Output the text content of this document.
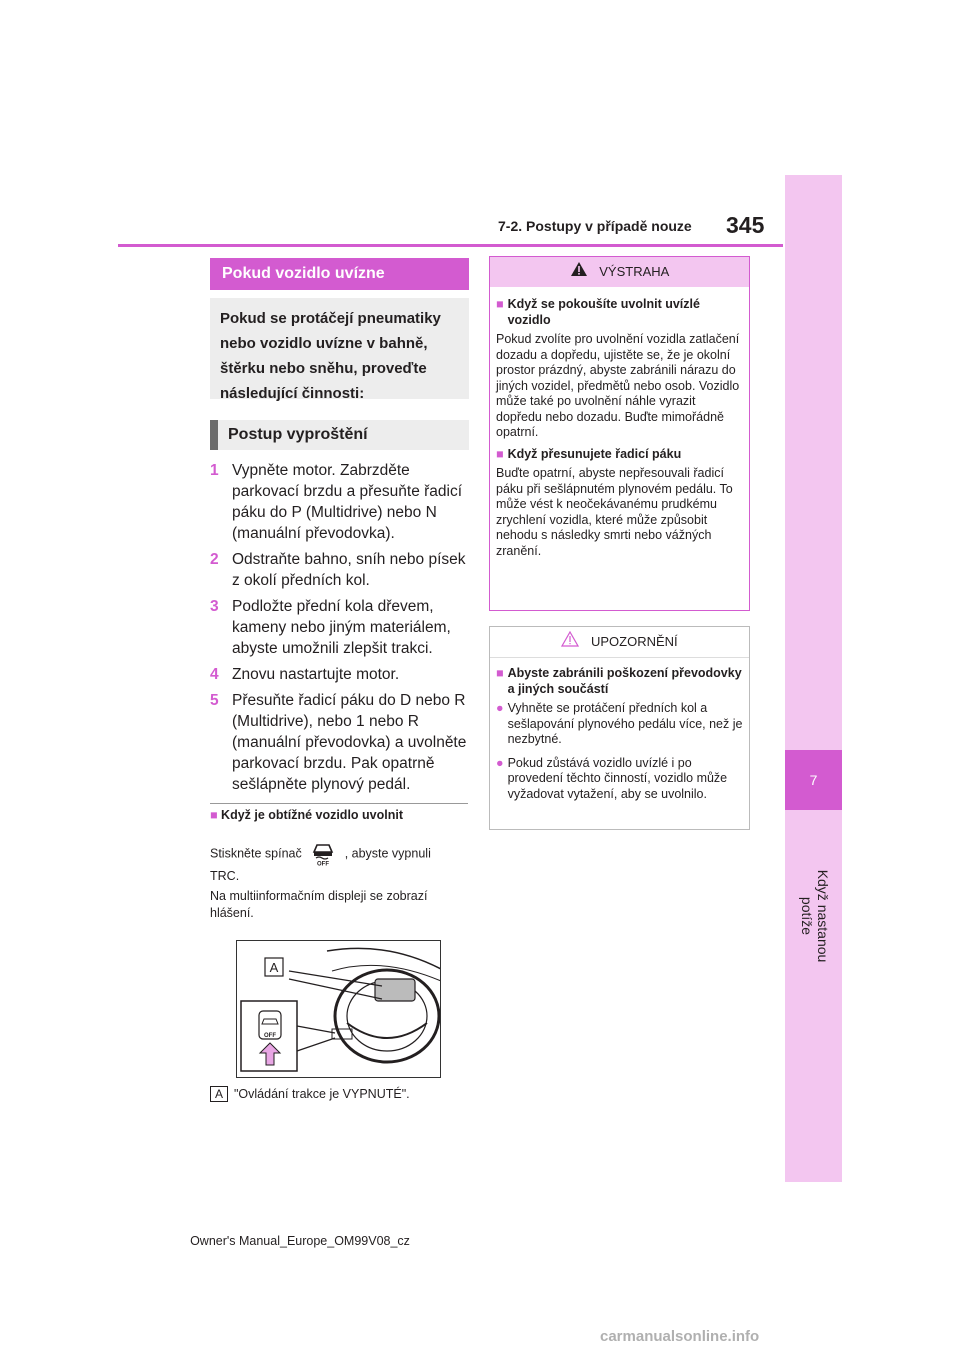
7-2. Postupy v případě nouze 345
7
Když nastanou potíže
Pokud vozidlo uvízne

Pokud se protáčejí pneumatiky nebo vozidlo uvízne v bahně, štěrku nebo sněhu, proveďte následující činnosti:

Postup vyproštění
1 Vypněte motor. Zabrzděte parkovací brzdu a přesuňte řadicí páku do P (Multidrive) nebo N (manuální převodovka).
2 Odstraňte bahno, sníh nebo písek z okolí předních kol.
3 Podložte přední kola dřevem, kameny nebo jiným materiálem, abyste umožnili zlepšit trakci.
4 Znovu nastartujte motor.
5 Přesuňte řadicí páku do D nebo R (Multidrive), nebo 1 nebo R (manuální převodovka) a uvolněte parkovací brzdu. Pak opatrně sešlápněte plynový pedál.
■ Když je obtížné vozidlo uvolnit
Stiskněte spínač
OFF
, abyste vypnuli
TRC.
Na multiinformačním displeji se zobrazí hlášení.
A
OFF
A "Ovládání trakce je VYPNUTÉ".
VÝSTRAHA
■ Když se pokoušíte uvolnit uvízlé vozidlo

Pokud zvolíte pro uvolnění vozidla zatlačení dozadu a dopředu, ujistěte se, že je okolní prostor prázdný, abyste zabránili nárazu do jiných vozidel, předmětů nebo osob. Vozidlo může také po uvolnění náhle vyrazit dopředu nebo dozadu. Buďte mimořádně opatrní.

■ Když přesunujete řadicí páku

Buďte opatrní, abyste nepřesouvali řadicí páku při sešlápnutém plynovém pedálu. To může vést k neočekávanému prudkému zrychlení vozidla, které může způsobit nehodu s následky smrti nebo vážných zranění.

UPOZORNĚNÍ
■ Abyste zabránili poškození převodovky a jiných součástí
● Vyhněte se protáčení předních kol a sešlapování plynového pedálu více, než je nezbytné.
● Pokud zůstává vozidlo uvízlé i po provedení těchto činností, vozidlo může vyžadovat vytažení, aby se uvolnilo.
Owner's Manual_Europe_OM99V08_cz
carmanualsonline.info
